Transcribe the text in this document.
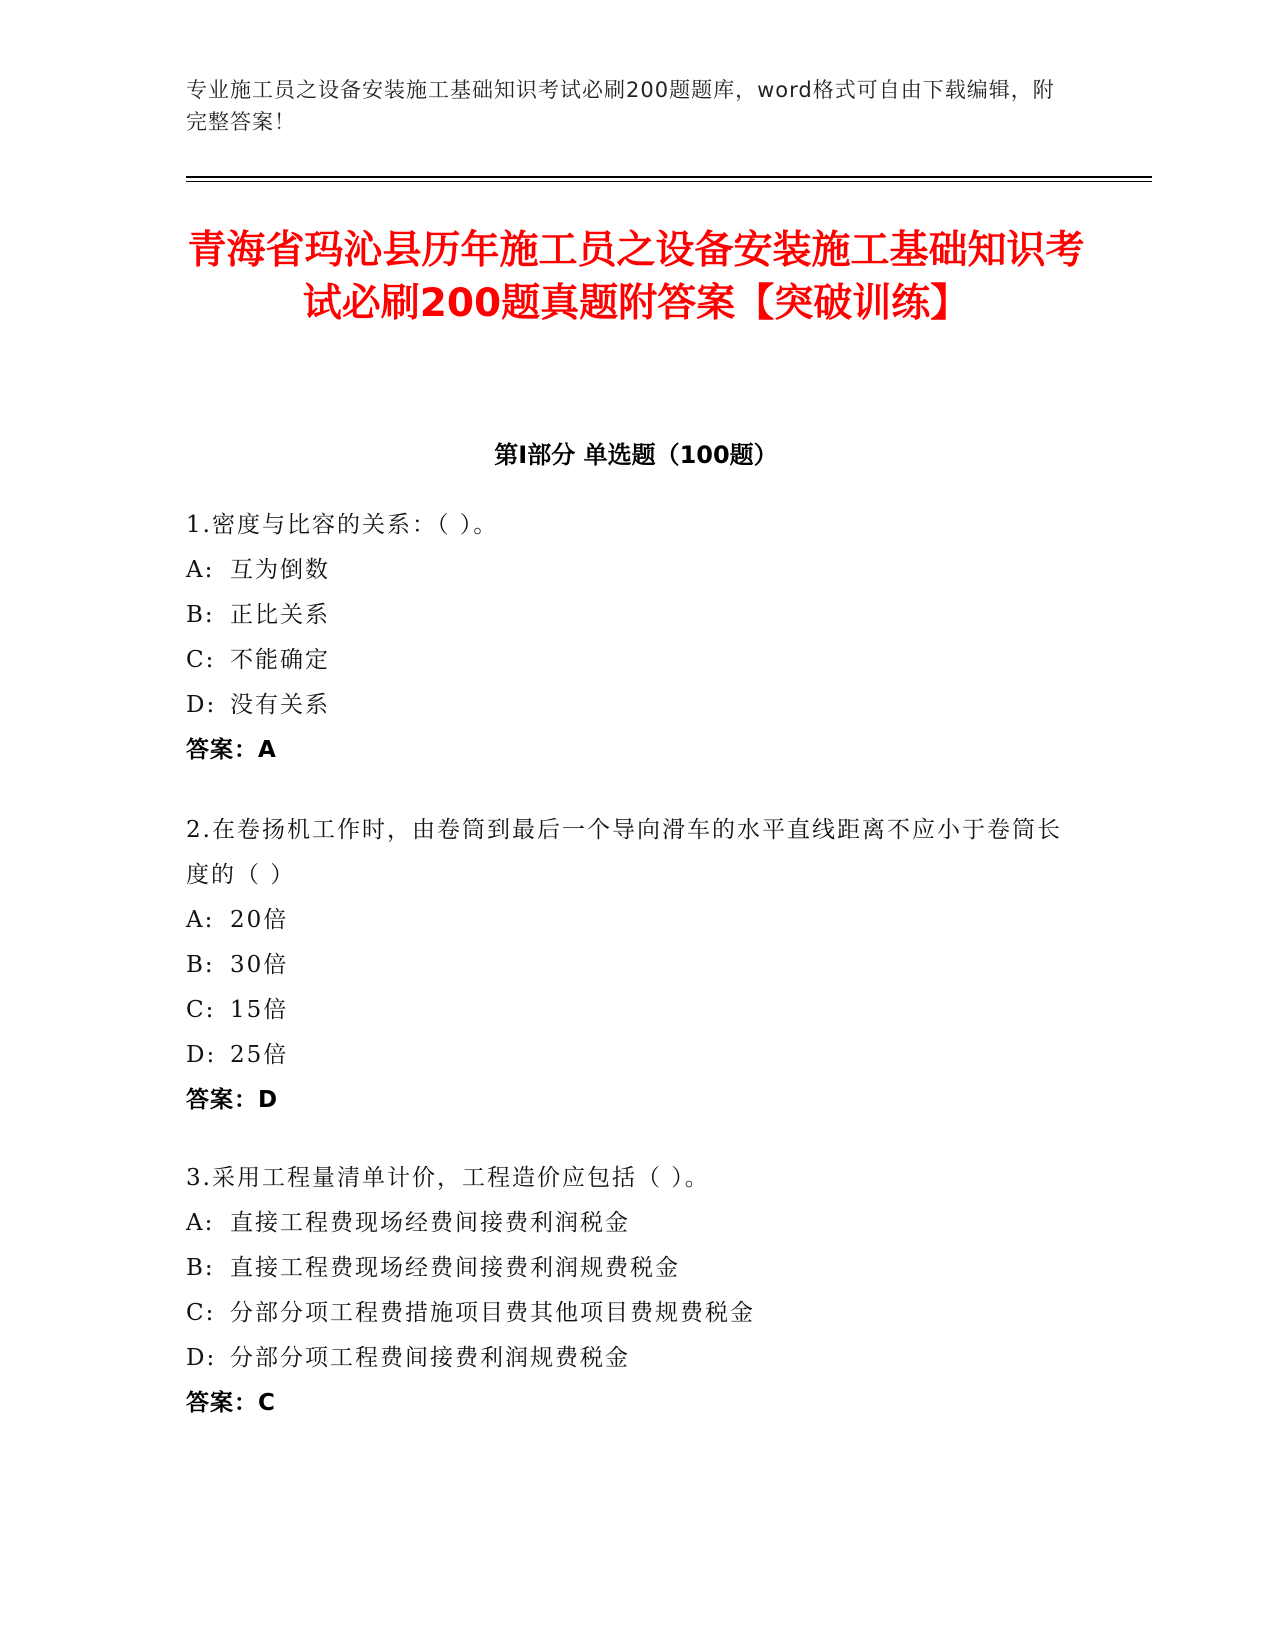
专业施工员之设备安装施工基础知识考试必刷200题题库，word格式可自由下载编辑，附完整答案！
青海省玛沁县历年施工员之设备安装施工基础知识考试必刷200题真题附答案【突破训练】
第I部分 单选题（100题）
1.密度与比容的关系：（ ）。
A: 互为倒数
B: 正比关系
C: 不能确定
D: 没有关系
答案：A
2.在卷扬机工作时，由卷筒到最后一个导向滑车的水平直线距离不应小于卷筒长度的（ ）
A: 20倍
B: 30倍
C: 15倍
D: 25倍
答案：D
3.采用工程量清单计价，工程造价应包括（ ）。
A: 直接工程费现场经费间接费利润税金
B: 直接工程费现场经费间接费利润规费税金
C: 分部分项工程费措施项目费其他项目费规费税金
D: 分部分项工程费间接费利润规费税金
答案：C
